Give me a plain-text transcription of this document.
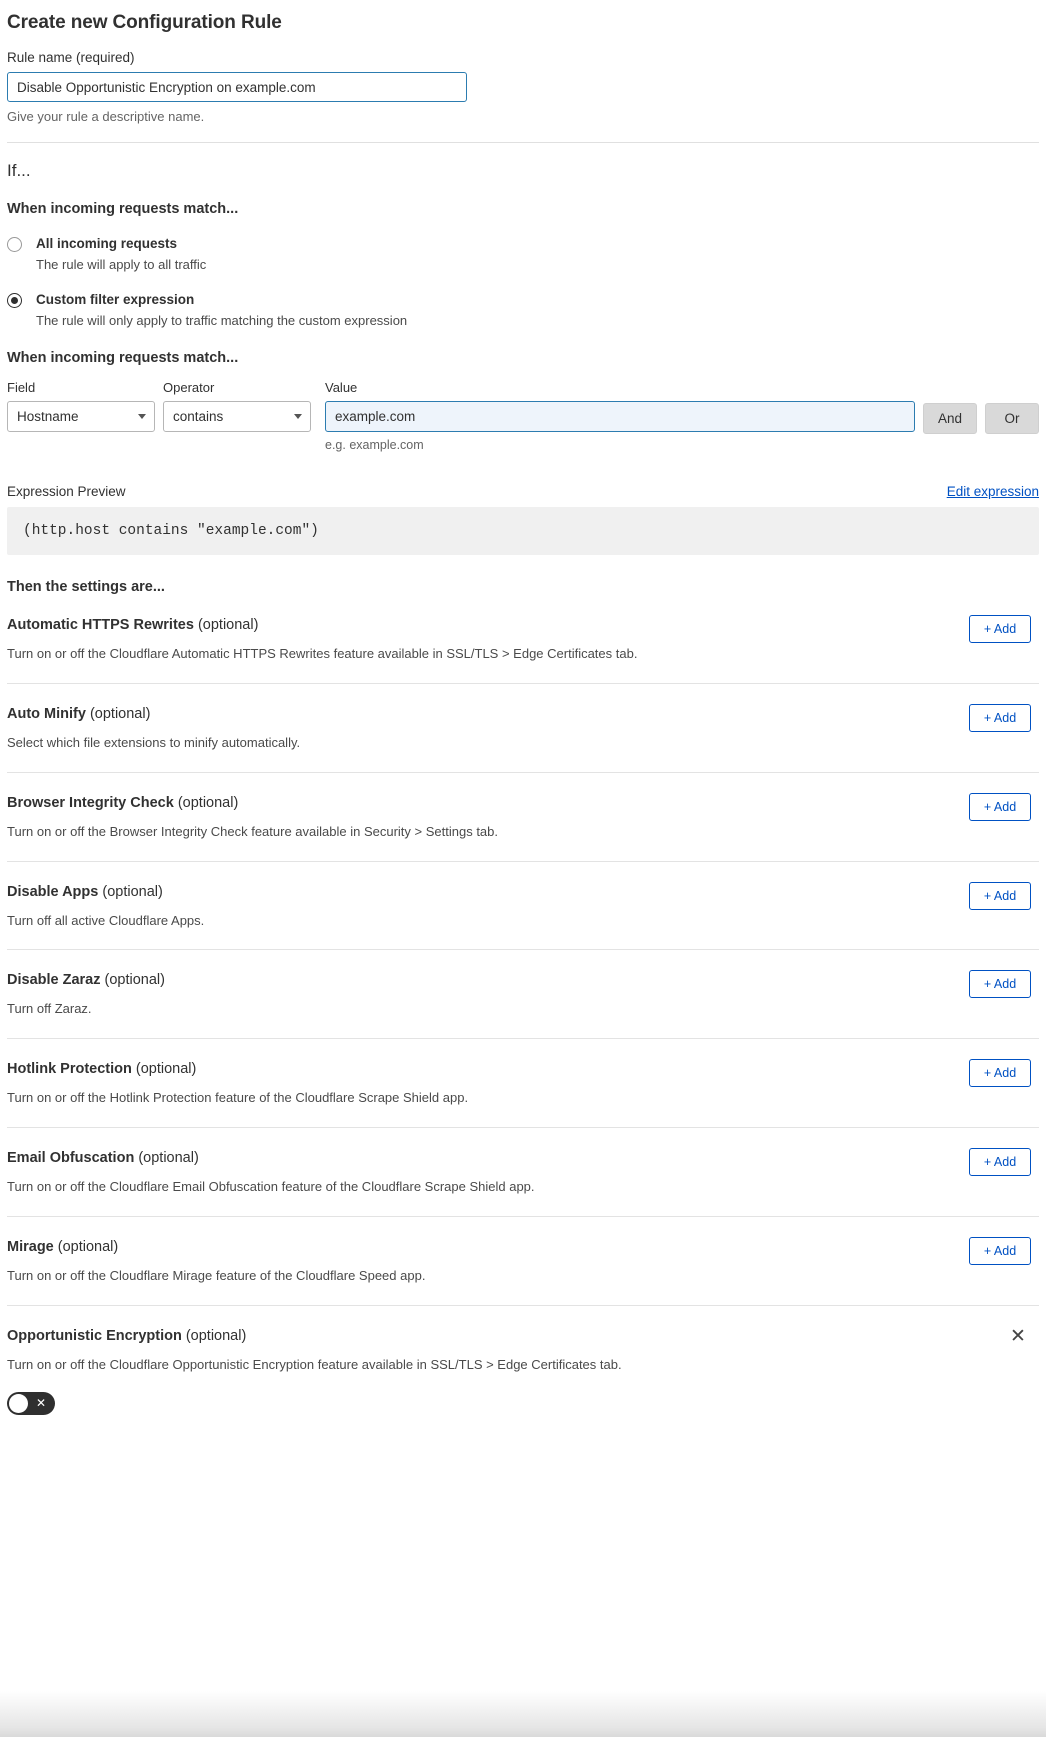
Create new Configuration Rule
Rule name (required)
Disable Opportunistic Encryption on example.com
Give your rule a descriptive name.
If...
When incoming requests match...
All incoming requests
The rule will apply to all traffic
Custom filter expression
The rule will only apply to traffic matching the custom expression
When incoming requests match...
Field
Hostname
Operator
contains
Value
example.com
e.g. example.com
And	Or
Expression Preview	Edit expression
(http.host contains "example.com")
Then the settings are...
Automatic HTTPS Rewrites (optional)
Turn on or off the Cloudflare Automatic HTTPS Rewrites feature available in SSL/TLS > Edge Certificates tab.
+ Add
Auto Minify (optional)
Select which file extensions to minify automatically.
+ Add
Browser Integrity Check (optional)
Turn on or off the Browser Integrity Check feature available in Security > Settings tab.
+ Add
Disable Apps (optional)
Turn off all active Cloudflare Apps.
+ Add
Disable Zaraz (optional)
Turn off Zaraz.
+ Add
Hotlink Protection (optional)
Turn on or off the Hotlink Protection feature of the Cloudflare Scrape Shield app.
+ Add
Email Obfuscation (optional)
Turn on or off the Cloudflare Email Obfuscation feature of the Cloudflare Scrape Shield app.
+ Add
Mirage (optional)
Turn on or off the Cloudflare Mirage feature of the Cloudflare Speed app.
+ Add
Opportunistic Encryption (optional)
Turn on or off the Cloudflare Opportunistic Encryption feature available in SSL/TLS > Edge Certificates tab.
✕
✕
